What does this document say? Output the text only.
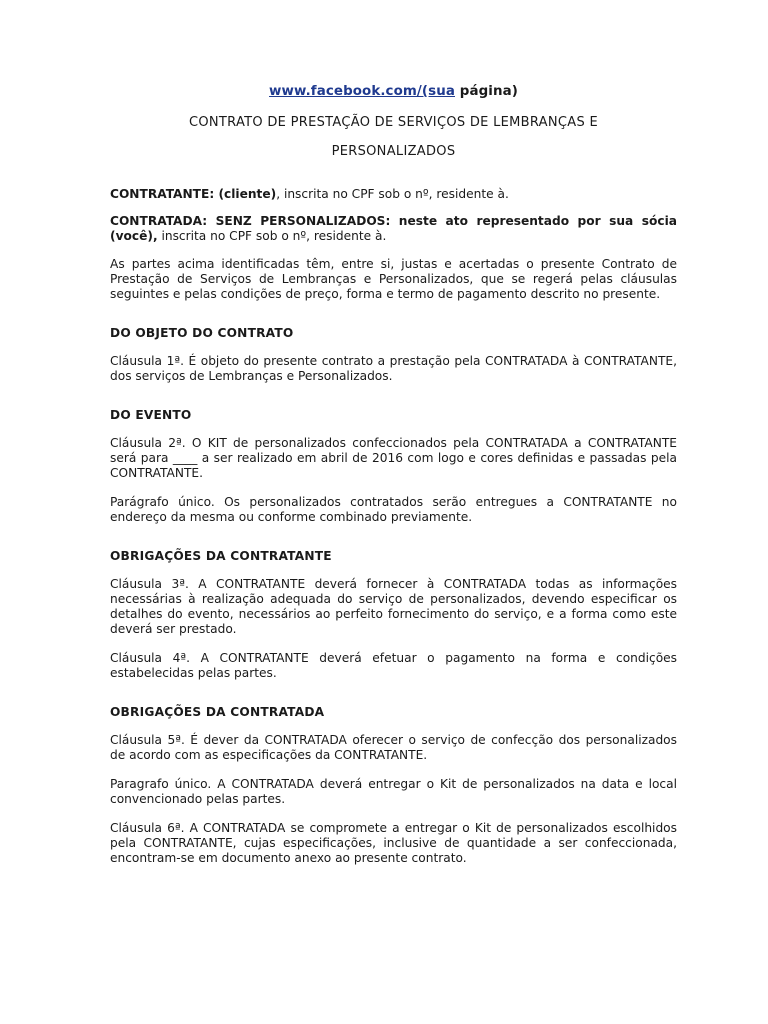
www.facebook.com/(sua página)
CONTRATO DE PRESTAÇÃO DE SERVIÇOS DE LEMBRANÇAS E
PERSONALIZADOS

CONTRATANTE: (cliente), inscrita no CPF sob o nº, residente à.

CONTRATADA: SENZ PERSONALIZADOS: neste ato representado por sua sócia (você), inscrita no CPF sob o nº, residente à.

As partes acima identificadas têm, entre si, justas e acertadas o presente Contrato de Prestação de Serviços de Lembranças e Personalizados, que se regerá pelas cláusulas seguintes e pelas condições de preço, forma e termo de pagamento descrito no presente.

DO OBJETO DO CONTRATO

Cláusula 1ª. É objeto do presente contrato a prestação pela CONTRATADA à CONTRATANTE, dos serviços de Lembranças e Personalizados.

DO EVENTO

Cláusula 2ª. O KIT de personalizados confeccionados pela CONTRATADA a CONTRATANTE será para ____ a ser realizado em abril de 2016 com logo e cores definidas e passadas pela CONTRATANTE.

Parágrafo único. Os personalizados contratados serão entregues a CONTRATANTE no endereço da mesma ou conforme combinado previamente.

OBRIGAÇÕES DA CONTRATANTE

Cláusula 3ª. A CONTRATANTE deverá fornecer à CONTRATADA todas as informações necessárias à realização adequada do serviço de personalizados, devendo especificar os detalhes do evento, necessários ao perfeito fornecimento do serviço, e a forma como este deverá ser prestado.

Cláusula 4ª. A CONTRATANTE deverá efetuar o pagamento na forma e condições estabelecidas pelas partes.

OBRIGAÇÕES DA CONTRATADA

Cláusula 5ª. É dever da CONTRATADA oferecer o serviço de confecção dos personalizados de acordo com as especificações da CONTRATANTE.

Paragrafo único. A CONTRATADA deverá entregar o Kit de personalizados na data e local convencionado pelas partes.

Cláusula 6ª. A CONTRATADA se compromete a entregar o Kit de personalizados escolhidos pela CONTRATANTE, cujas especificações, inclusive de quantidade a ser confeccionada, encontram-se em documento anexo ao presente contrato.
